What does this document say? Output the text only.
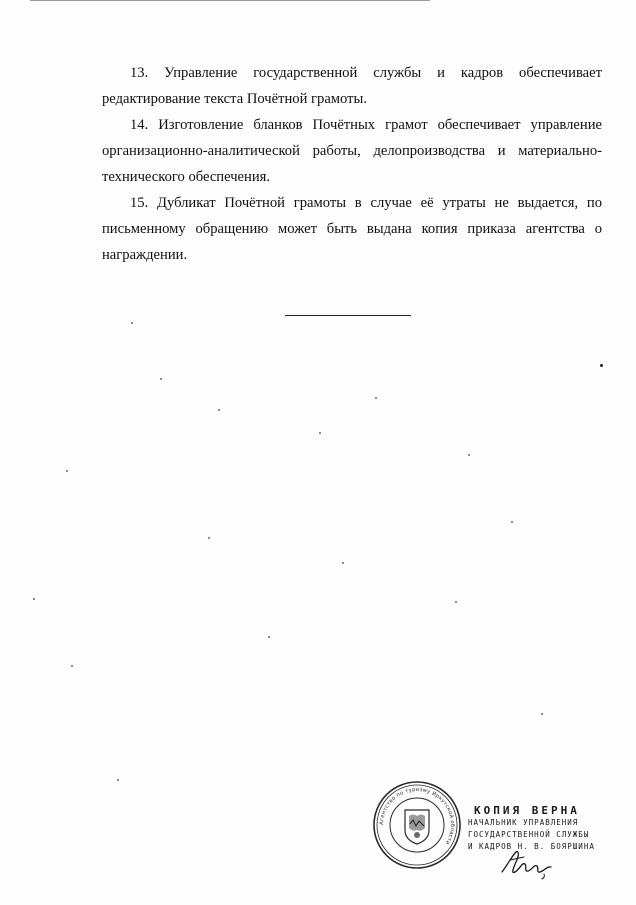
13. Управление государственной службы и кадров обеспечивает
редактирование текста Почётной грамоты.

14. Изготовление бланков Почётных грамот обеспечивает управление
организационно-аналитической работы, делопроизводства и материально-
технического обеспечения.

15. Дубликат Почётной грамоты в случае её утраты не выдается, по
письменному обращению может быть выдана копия приказа агентства о
награждении.

Агентство по туризму Иркутской области
КОПИЯ ВЕРНА
НАЧАЛЬНИК УПРАВЛЕНИЯ
ГОСУДАРСТВЕННОЙ СЛУЖБЫ
И КАДРОВ Н. В. БОЯРШИНА
